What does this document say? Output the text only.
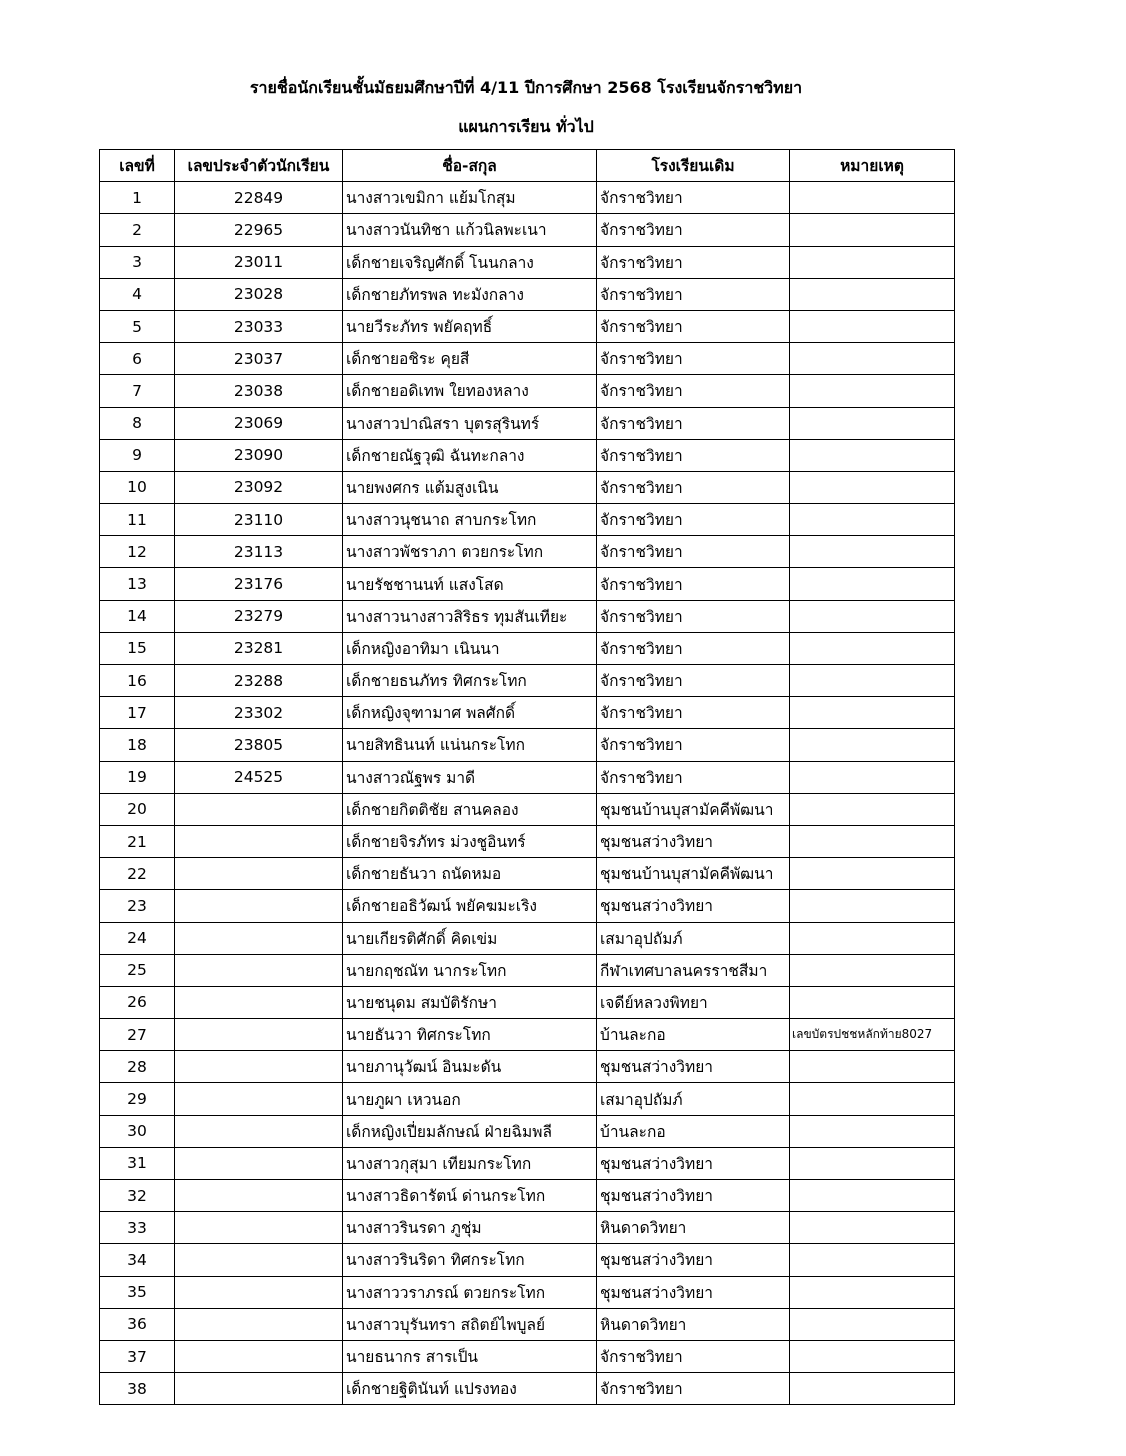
รายชื่อนักเรียนชั้นมัธยมศึกษาปีที่ 4/11 ปีการศึกษา 2568 โรงเรียนจักราชวิทยา
แผนการเรียน ทั่วไป
เลขที่	เลขประจำตัวนักเรียน	ชื่อ-สกุล	โรงเรียนเดิม	หมายเหตุ
1	22849	นางสาวเขมิกา แย้มโกสุม	จักราชวิทยา	
2	22965	นางสาวนันทิชา แก้วนิลพะเนา	จักราชวิทยา	
3	23011	เด็กชายเจริญศักดิ์ โนนกลาง	จักราชวิทยา	
4	23028	เด็กชายภัทรพล ทะมังกลาง	จักราชวิทยา	
5	23033	นายวีระภัทร พยัคฤทธิ์	จักราชวิทยา	
6	23037	เด็กชายอชิระ คุยสี	จักราชวิทยา	
7	23038	เด็กชายอดิเทพ ใยทองหลาง	จักราชวิทยา	
8	23069	นางสาวปาณิสรา บุตรสุรินทร์	จักราชวิทยา	
9	23090	เด็กชายณัฐวุฒิ ฉันทะกลาง	จักราชวิทยา	
10	23092	นายพงศกร แต้มสูงเนิน	จักราชวิทยา	
11	23110	นางสาวนุชนาถ สาบกระโทก	จักราชวิทยา	
12	23113	นางสาวพัชราภา ตวยกระโทก	จักราชวิทยา	
13	23176	นายรัชชานนท์ แสงโสด	จักราชวิทยา	
14	23279	นางสาวนางสาวสิริธร ทุมสันเทียะ	จักราชวิทยา	
15	23281	เด็กหญิงอาทิมา เนินนา	จักราชวิทยา	
16	23288	เด็กชายธนภัทร ทิศกระโทก	จักราชวิทยา	
17	23302	เด็กหญิงจุฑามาศ พลศักดิ์	จักราชวิทยา	
18	23805	นายสิทธินนท์ แน่นกระโทก	จักราชวิทยา	
19	24525	นางสาวณัฐพร มาดี	จักราชวิทยา	
20		เด็กชายกิตติชัย สานคลอง	ชุมชนบ้านบุสามัคคีพัฒนา	
21		เด็กชายจิรภัทร ม่วงชูอินทร์	ชุมชนสว่างวิทยา	
22		เด็กชายธันวา ถนัดหมอ	ชุมชนบ้านบุสามัคคีพัฒนา	
23		เด็กชายอธิวัฒน์ พยัคฆมะเริง	ชุมชนสว่างวิทยา	
24		นายเกียรติศักดิ์ คิดเข่ม	เสมาอุปถัมภ์	
25		นายกฤชณัท นากระโทก	กีฬาเทศบาลนครราชสีมา	
26		นายชนุดม สมบัติรักษา	เจดีย์หลวงพิทยา	
27		นายธันวา ทิศกระโทก	บ้านละกอ	เลขบัตรปชชหลักท้าย8027
28		นายภานุวัฒน์ อินมะดัน	ชุมชนสว่างวิทยา	
29		นายภูผา เหวนอก	เสมาอุปถัมภ์	
30		เด็กหญิงเปี่ยมลักษณ์ ฝ่ายฉิมพลี	บ้านละกอ	
31		นางสาวกุสุมา เทียมกระโทก	ชุมชนสว่างวิทยา	
32		นางสาวธิดารัตน์ ด่านกระโทก	ชุมชนสว่างวิทยา	
33		นางสาวรินรดา ภูชุ่ม	หินดาดวิทยา	
34		นางสาวรินริดา ทิศกระโทก	ชุมชนสว่างวิทยา	
35		นางสาววราภรณ์ ตวยกระโทก	ชุมชนสว่างวิทยา	
36		นางสาวบุรันทรา สถิตย์ไพบูลย์	หินดาดวิทยา	
37		นายธนากร สารเป็น	จักราชวิทยา	
38		เด็กชายฐิตินันท์ แปรงทอง	จักราชวิทยา	
